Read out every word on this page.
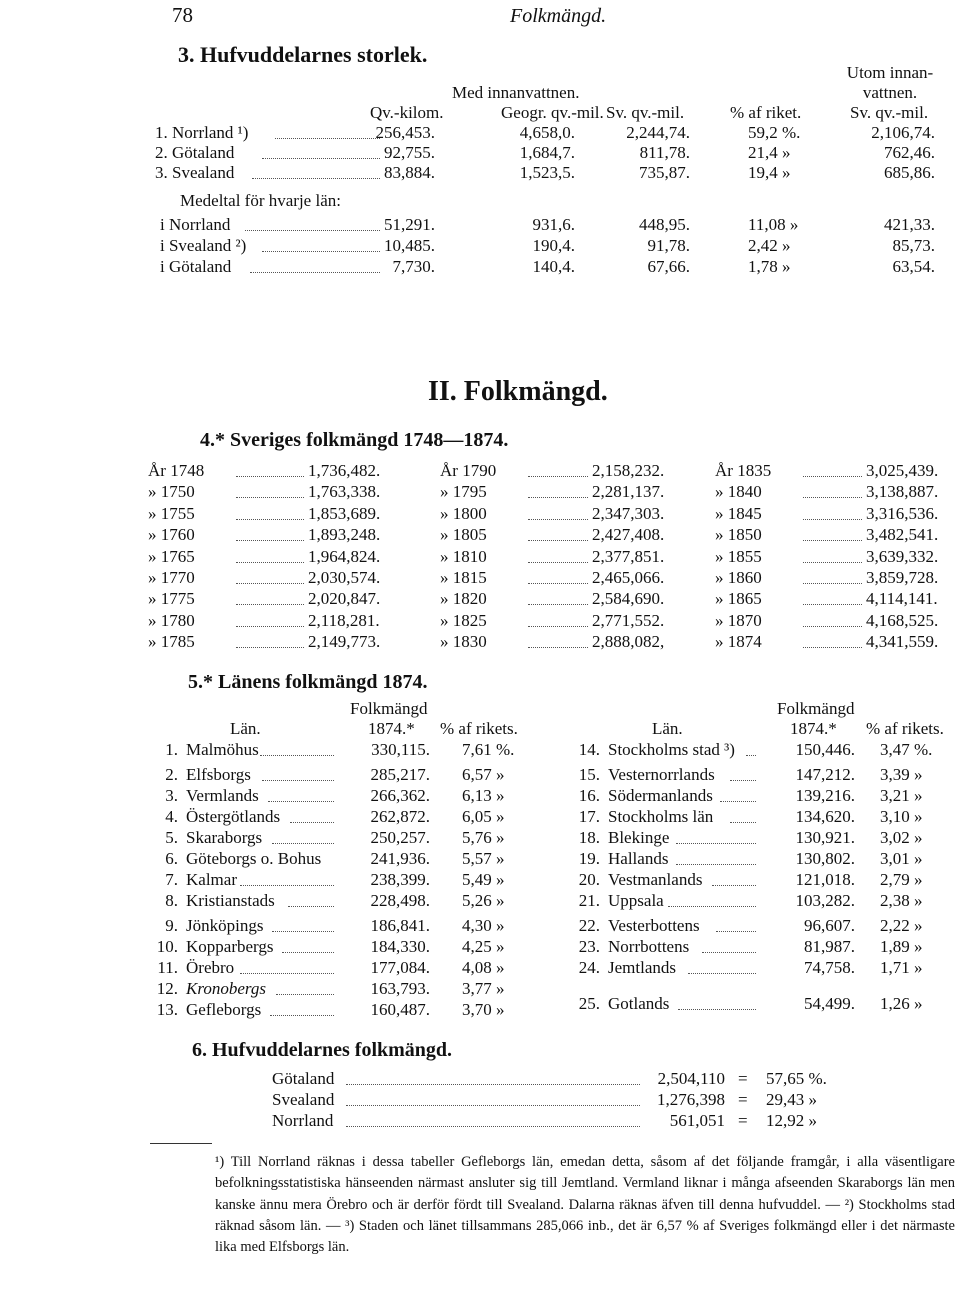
78	Folkmängd.
3. Hufvuddelarnes storlek.
Utom innan-
vattnen.
Med innanvattnen.
Qv.-kilom.	Geogr. qv.-mil. Sv. qv.-mil.	% af riket.	Sv. qv.-mil.
1. Norrland ¹)	256,453.	4,658,0.	2,244,74.	59,2 %.	2,106,74.
2. Götaland	92,755.	1,684,7.	811,78.	21,4 »	762,46.
3. Svealand	83,884.	1,523,5.	735,87.	19,4 »	685,86.
Medeltal för hvarje län:
i Norrland	51,291.	931,6.	448,95.	11,08 »	421,33.
i Svealand ²)	10,485.	190,4.	91,78.	2,42 »	85,73.
i Götaland	7,730.	140,4.	67,66.	1,78 »	63,54.
II. Folkmängd.
4.* Sveriges folkmängd 1748—1874.
År 1748	1,736,482.
» 1750	1,763,338.
» 1755	1,853,689.
» 1760	1,893,248.
» 1765	1,964,824.
» 1770	2,030,574.
» 1775	2,020,847.
» 1780	2,118,281.
» 1785	2,149,773.
År 1790	2,158,232.
» 1795	2,281,137.
» 1800	2,347,303.
» 1805	2,427,408.
» 1810	2,377,851.
» 1815	2,465,066.
» 1820	2,584,690.
» 1825	2,771,552.
» 1830	2,888,082,
År 1835	3,025,439.
» 1840	3,138,887.
» 1845	3,316,536.
» 1850	3,482,541.
» 1855	3,639,332.
» 1860	3,859,728.
» 1865	4,114,141.
» 1870	4,168,525.
» 1874	4,341,559.
5.* Länens folkmängd 1874.
Folkmängd	Folkmängd
Län.	1874.* % af rikets.	Län.	1874.* % af rikets.
1. Malmöhus	330,115. 7,61 %.
2. Elfsborgs	285,217. 6,57 »
3. Vermlands	266,362. 6,13 »
4. Östergötlands	262,872. 6,05 »
5. Skaraborgs	250,257. 5,76 »
6. Göteborgs o. Bohus	241,936. 5,57 »
7. Kalmar	238,399. 5,49 »
8. Kristianstads	228,498. 5,26 »
9. Jönköpings	186,841. 4,30 »
10. Kopparbergs	184,330. 4,25 »
11. Örebro	177,084. 4,08 »
12. Kronobergs	163,793. 3,77 »
13. Gefleborgs	160,487. 3,70 »
14. Stockholms stad ³)	150,446. 3,47 %.
15. Vesternorrlands	147,212. 3,39 »
16. Södermanlands	139,216. 3,21 »
17. Stockholms län	134,620. 3,10 »
18. Blekinge	130,921. 3,02 »
19. Hallands	130,802. 3,01 »
20. Vestmanlands	121,018. 2,79 »
21. Uppsala	103,282. 2,38 »
22. Vesterbottens	96,607. 2,22 »
23. Norrbottens	81,987. 1,89 »
24. Jemtlands	74,758. 1,71 »
25. Gotlands	54,499. 1,26 »
6. Hufvuddelarnes folkmängd.
Götaland	2,504,110 = 57,65 %.
Svealand	1,276,398 = 29,43 »
Norrland	561,051 = 12,92 »
¹) Till Norrland räknas i dessa tabeller Gefleborgs län, emedan detta, såsom af det följande framgår, i alla väsentligare befolkningsstatistiska hänseenden närmast ansluter sig till Jemtland. Vermland liknar i många afseenden Skaraborgs län men kanske ännu mera Örebro och är derför fördt till Svealand. Dalarna räknas äfven till denna hufvuddel. — ²) Stockholms stad räknad såsom län. — ³) Staden och länet tillsammans 285,066 inb., det är 6,57 % af Sveriges folkmängd eller i det närmaste lika med Elfsborgs län.
